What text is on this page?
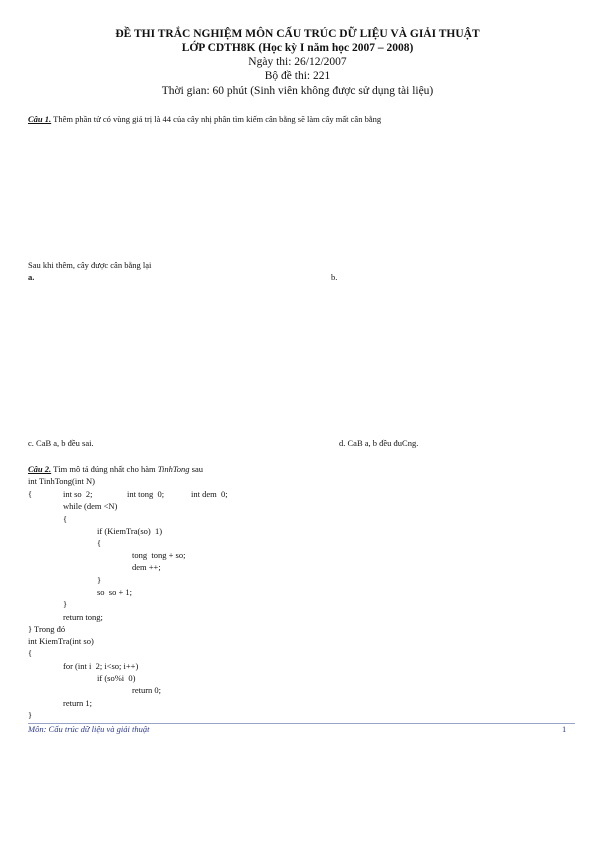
ĐỀ THI TRẮC NGHIỆM MÔN CẤU TRÚC DỮ LIỆU VÀ GIẢI THUẬT
LỚP CDTH8K (Học kỳ I năm học 2007 – 2008)
Ngày thi: 26/12/2007
Bộ đề thi: 221
Thời gian: 60 phút (Sinh viên không được sử dụng tài liệu)
Câu 1. Thêm phần tử có vùng giá trị là 44 của cây nhị phân tìm kiếm cân bằng sẽ làm cây mất cân bằng
Sau khi thêm, cây được cân bằng lại
a.	b.
c. CaB a, b đều sai.	d. CaB a, b đều đuCng.
Câu 2. Tìm mô tả đúng nhất cho hàm TinhTong sau
int TinhTong(int N)
{	int so  2;	int tong  0;	int dem  0;
while (dem <N)
{
if (KiemTra(so)  1)
{
tong  tong + so;
dem ++;
}
so  so + 1;
}
return tong;
} Trong đó
int KiemTra(int so)
{
for (int i  2; i<so; i++)
if (so%i  0)
return 0;
return 1;
}
Môn: Cấu trúc dữ liệu và giải thuật	1
